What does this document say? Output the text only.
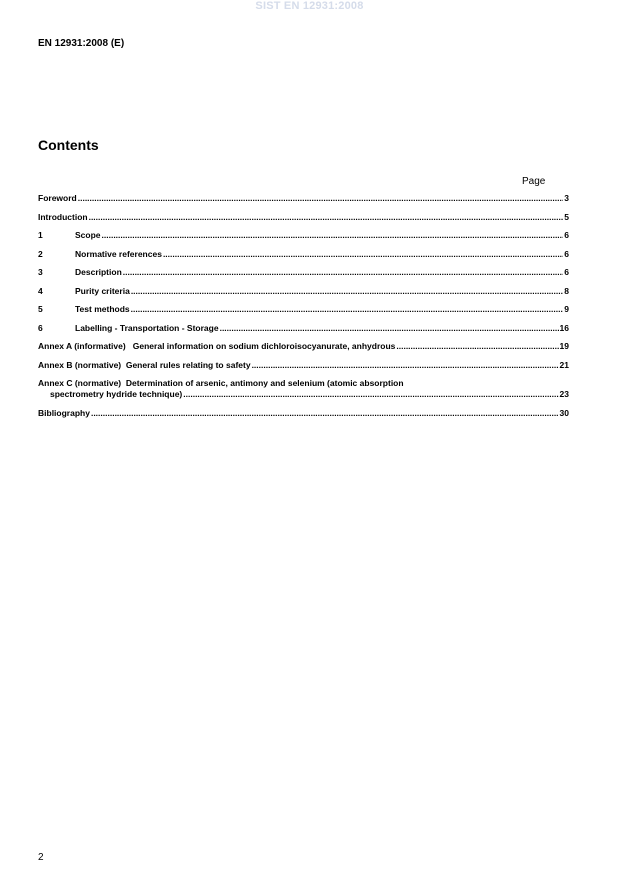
SIST EN 12931:2008
EN 12931:2008 (E)
Contents
Page
Foreword .....	3
Introduction .....	5
1	Scope .....	6
2	Normative references .....	6
3	Description .....	6
4	Purity criteria .....	8
5	Test methods .....	9
6	Labelling - Transportation - Storage .....	16
Annex A (informative)   General information on sodium dichloroisocyanurate, anhydrous .....	19
Annex B (normative)  General rules relating to safety .....	21
Annex C (normative)  Determination of arsenic, antimony and selenium (atomic absorption
spectrometry hydride technique) .....	23
Bibliography .....	30
2
